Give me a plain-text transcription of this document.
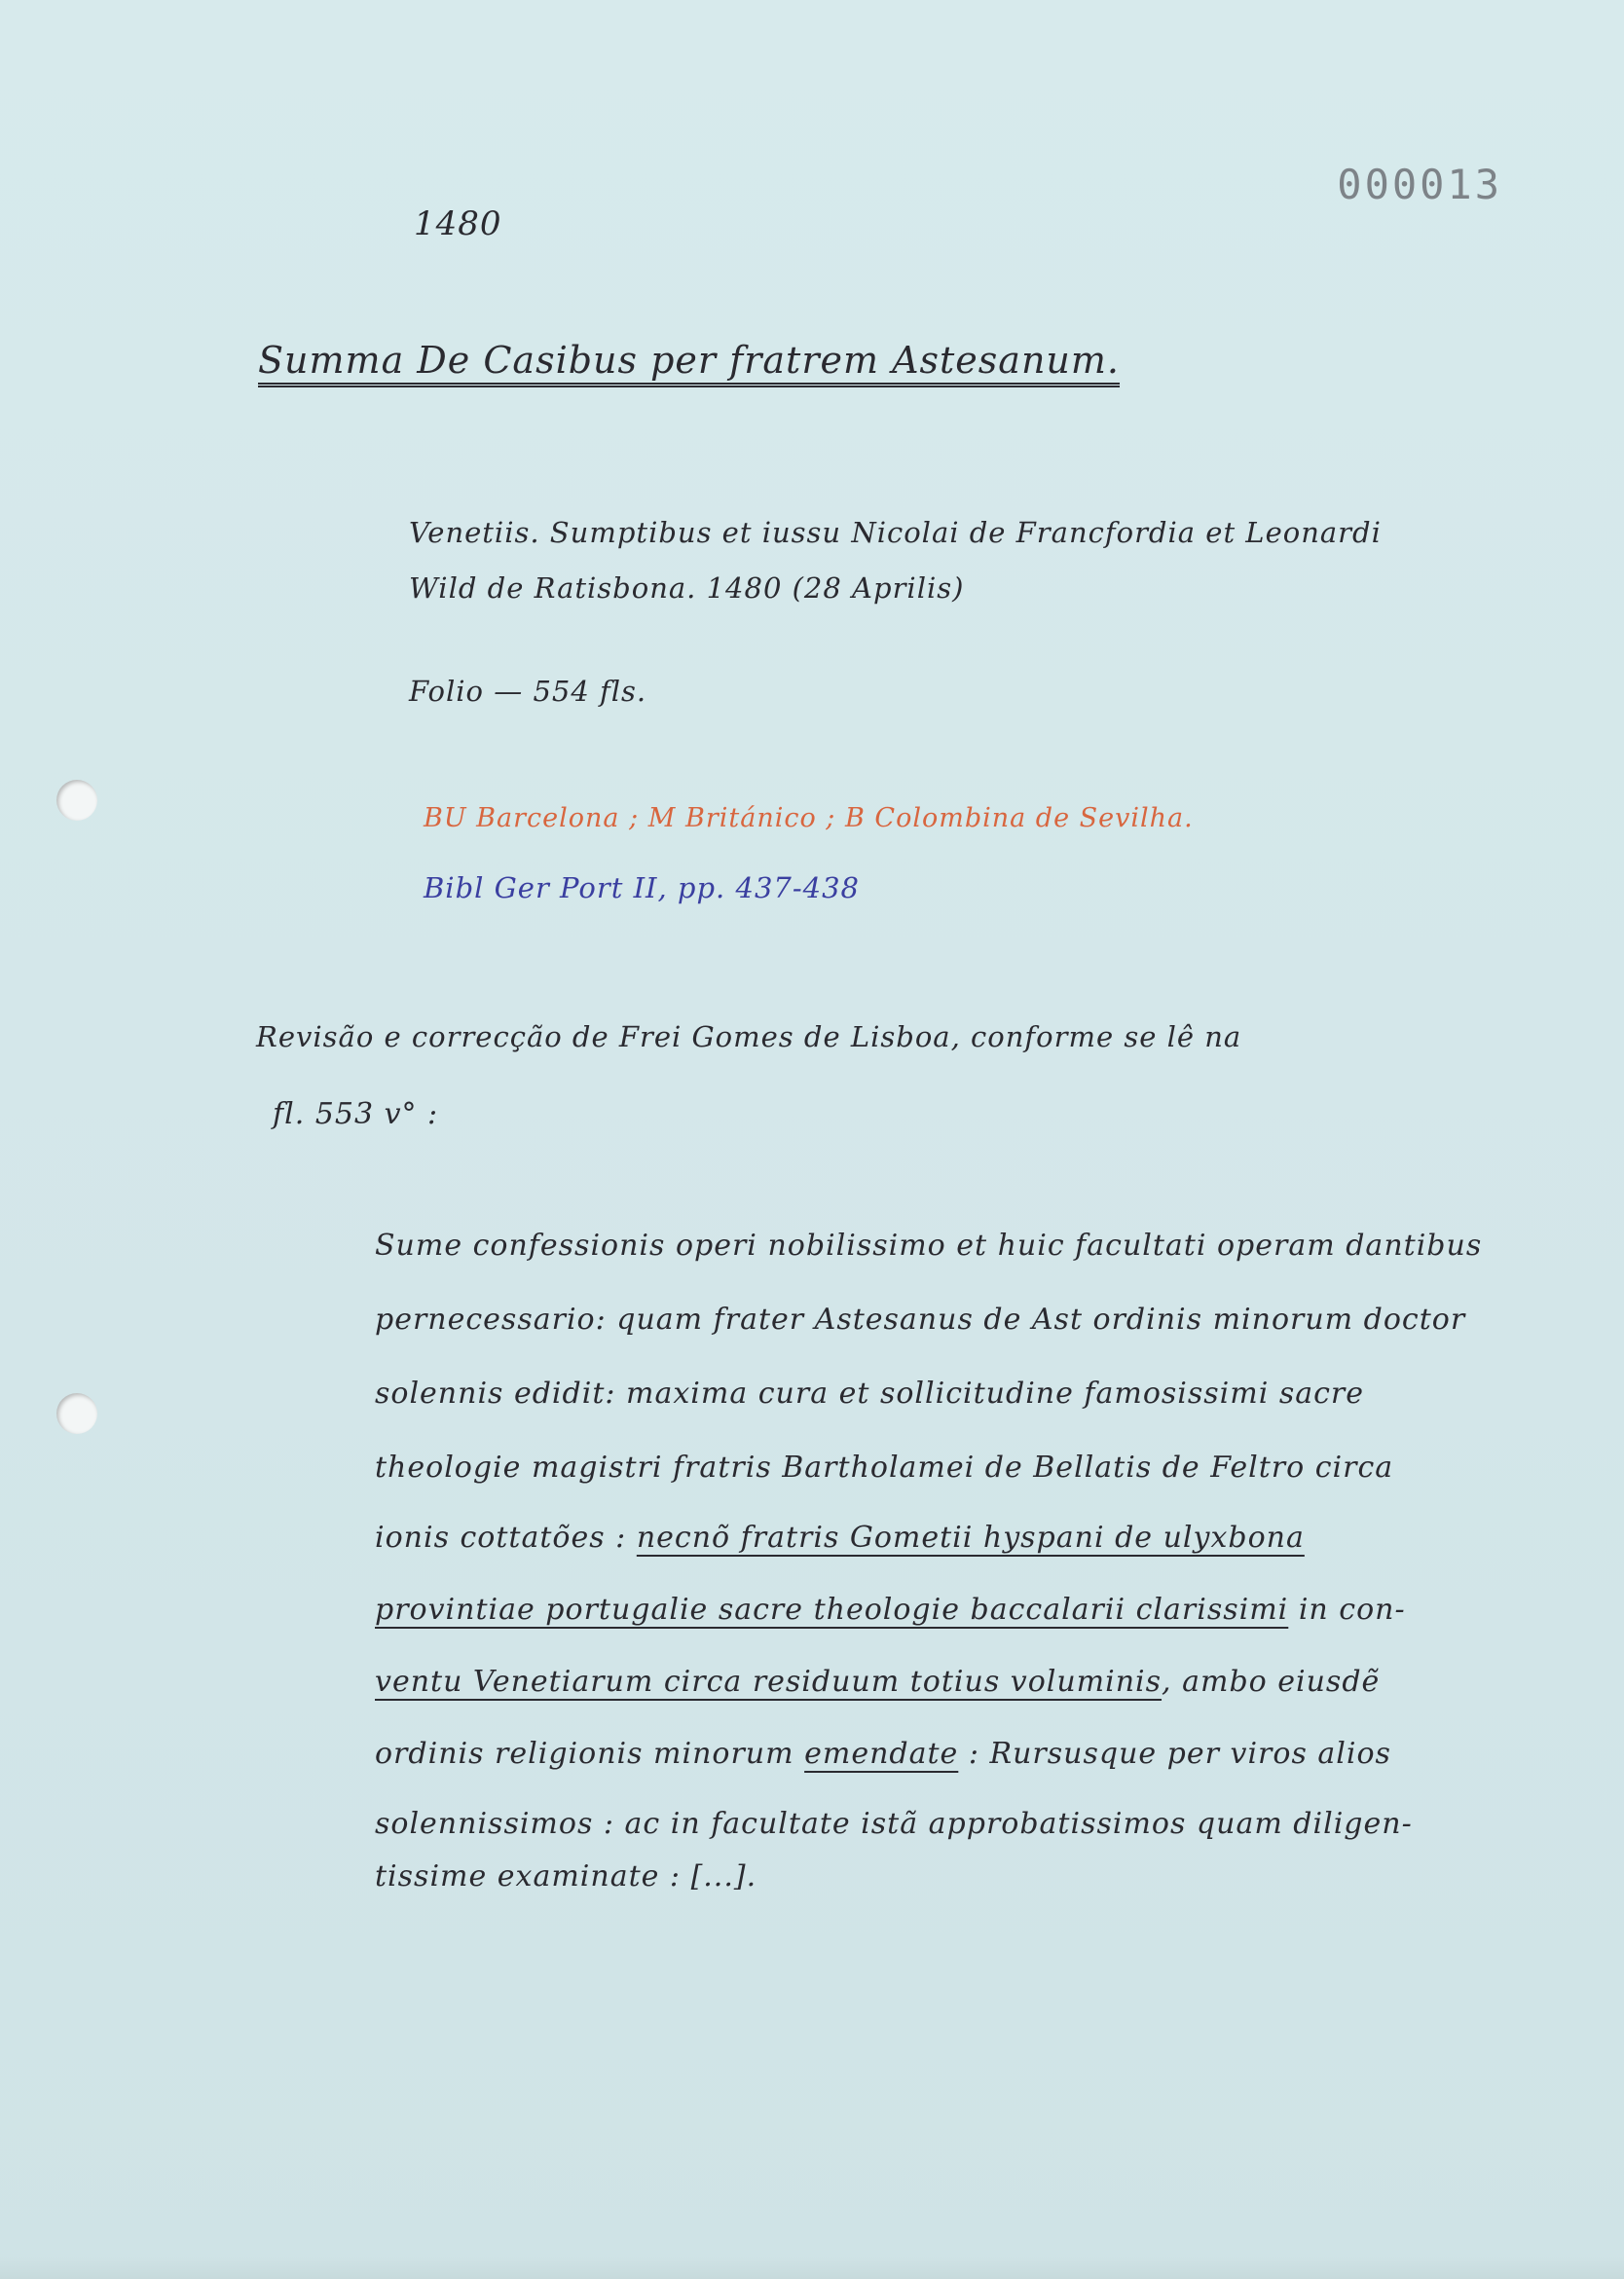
000013
1480
Summa De Casibus per fratrem Astesanum.
Venetiis. Sumptibus et iussu Nicolai de Francfordia et Leonardi
Wild de Ratisbona. 1480 (28 Aprilis)
Folio — 554 fls.
BU Barcelona ; M Británico ; B Colombina de Sevilha.
Bibl Ger Port II, pp. 437-438
Revisão e correcção de Frei Gomes de Lisboa, conforme se lê na
fl. 553 v° :
Sume confessionis operi nobilissimo et huic facultati operam dantibus
pernecessario: quam frater Astesanus de Ast ordinis minorum doctor
solennis edidit: maxima cura et sollicitudine famosissimi sacre
theologie magistri fratris Bartholamei de Bellatis de Feltro circa
ionis cottatões : necnõ fratris Gometii hyspani de ulyxbona
provintiae portugalie sacre theologie baccalarii clarissimi in con-
ventu Venetiarum circa residuum totius voluminis, ambo eiusdẽ
ordinis religionis minorum emendate : Rursusque per viros alios
solennissimos : ac in facultate istã approbatissimos quam diligen-
tissime examinate : [...].
